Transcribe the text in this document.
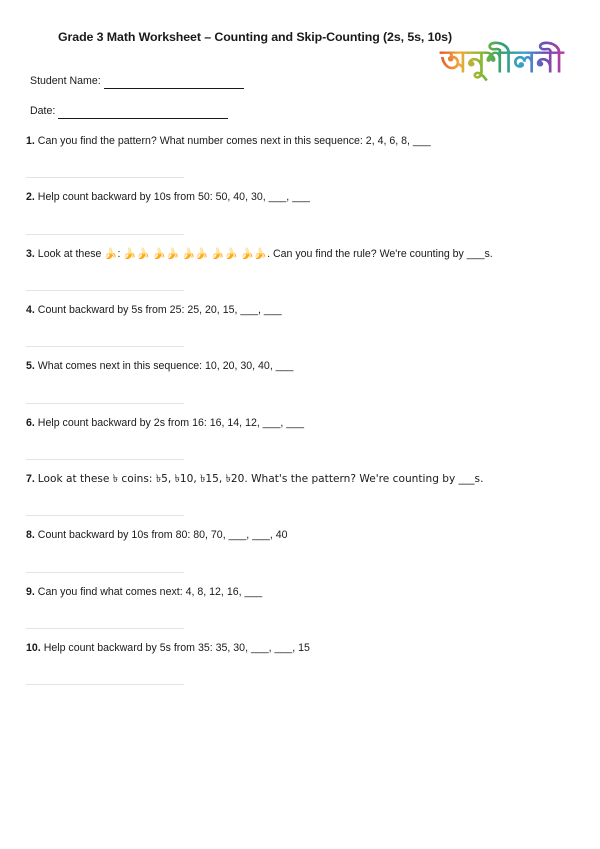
Grade 3 Math Worksheet – Counting and Skip-Counting (2s, 5s, 10s)
অনুশীলনী
Student Name:
Date:

1. Can you find the pattern? What number comes next in this sequence: 2, 4, 6, 8, ___

2. Help count backward by 10s from 50: 50, 40, 30, ___, ___

3. Look at these 🍌: 🍌🍌 🍌🍌 🍌🍌 🍌🍌 🍌🍌. Can you find the rule? We're counting by ___s.

4. Count backward by 5s from 25: 25, 20, 15, ___, ___

5. What comes next in this sequence: 10, 20, 30, 40, ___

6. Help count backward by 2s from 16: 16, 14, 12, ___, ___

7. Look at these ৳ coins: ৳5, ৳10, ৳15, ৳20. What's the pattern? We're counting by ___s.

8. Count backward by 10s from 80: 80, 70, ___, ___, 40

9. Can you find what comes next: 4, 8, 12, 16, ___

10. Help count backward by 5s from 35: 35, 30, ___, ___, 15
